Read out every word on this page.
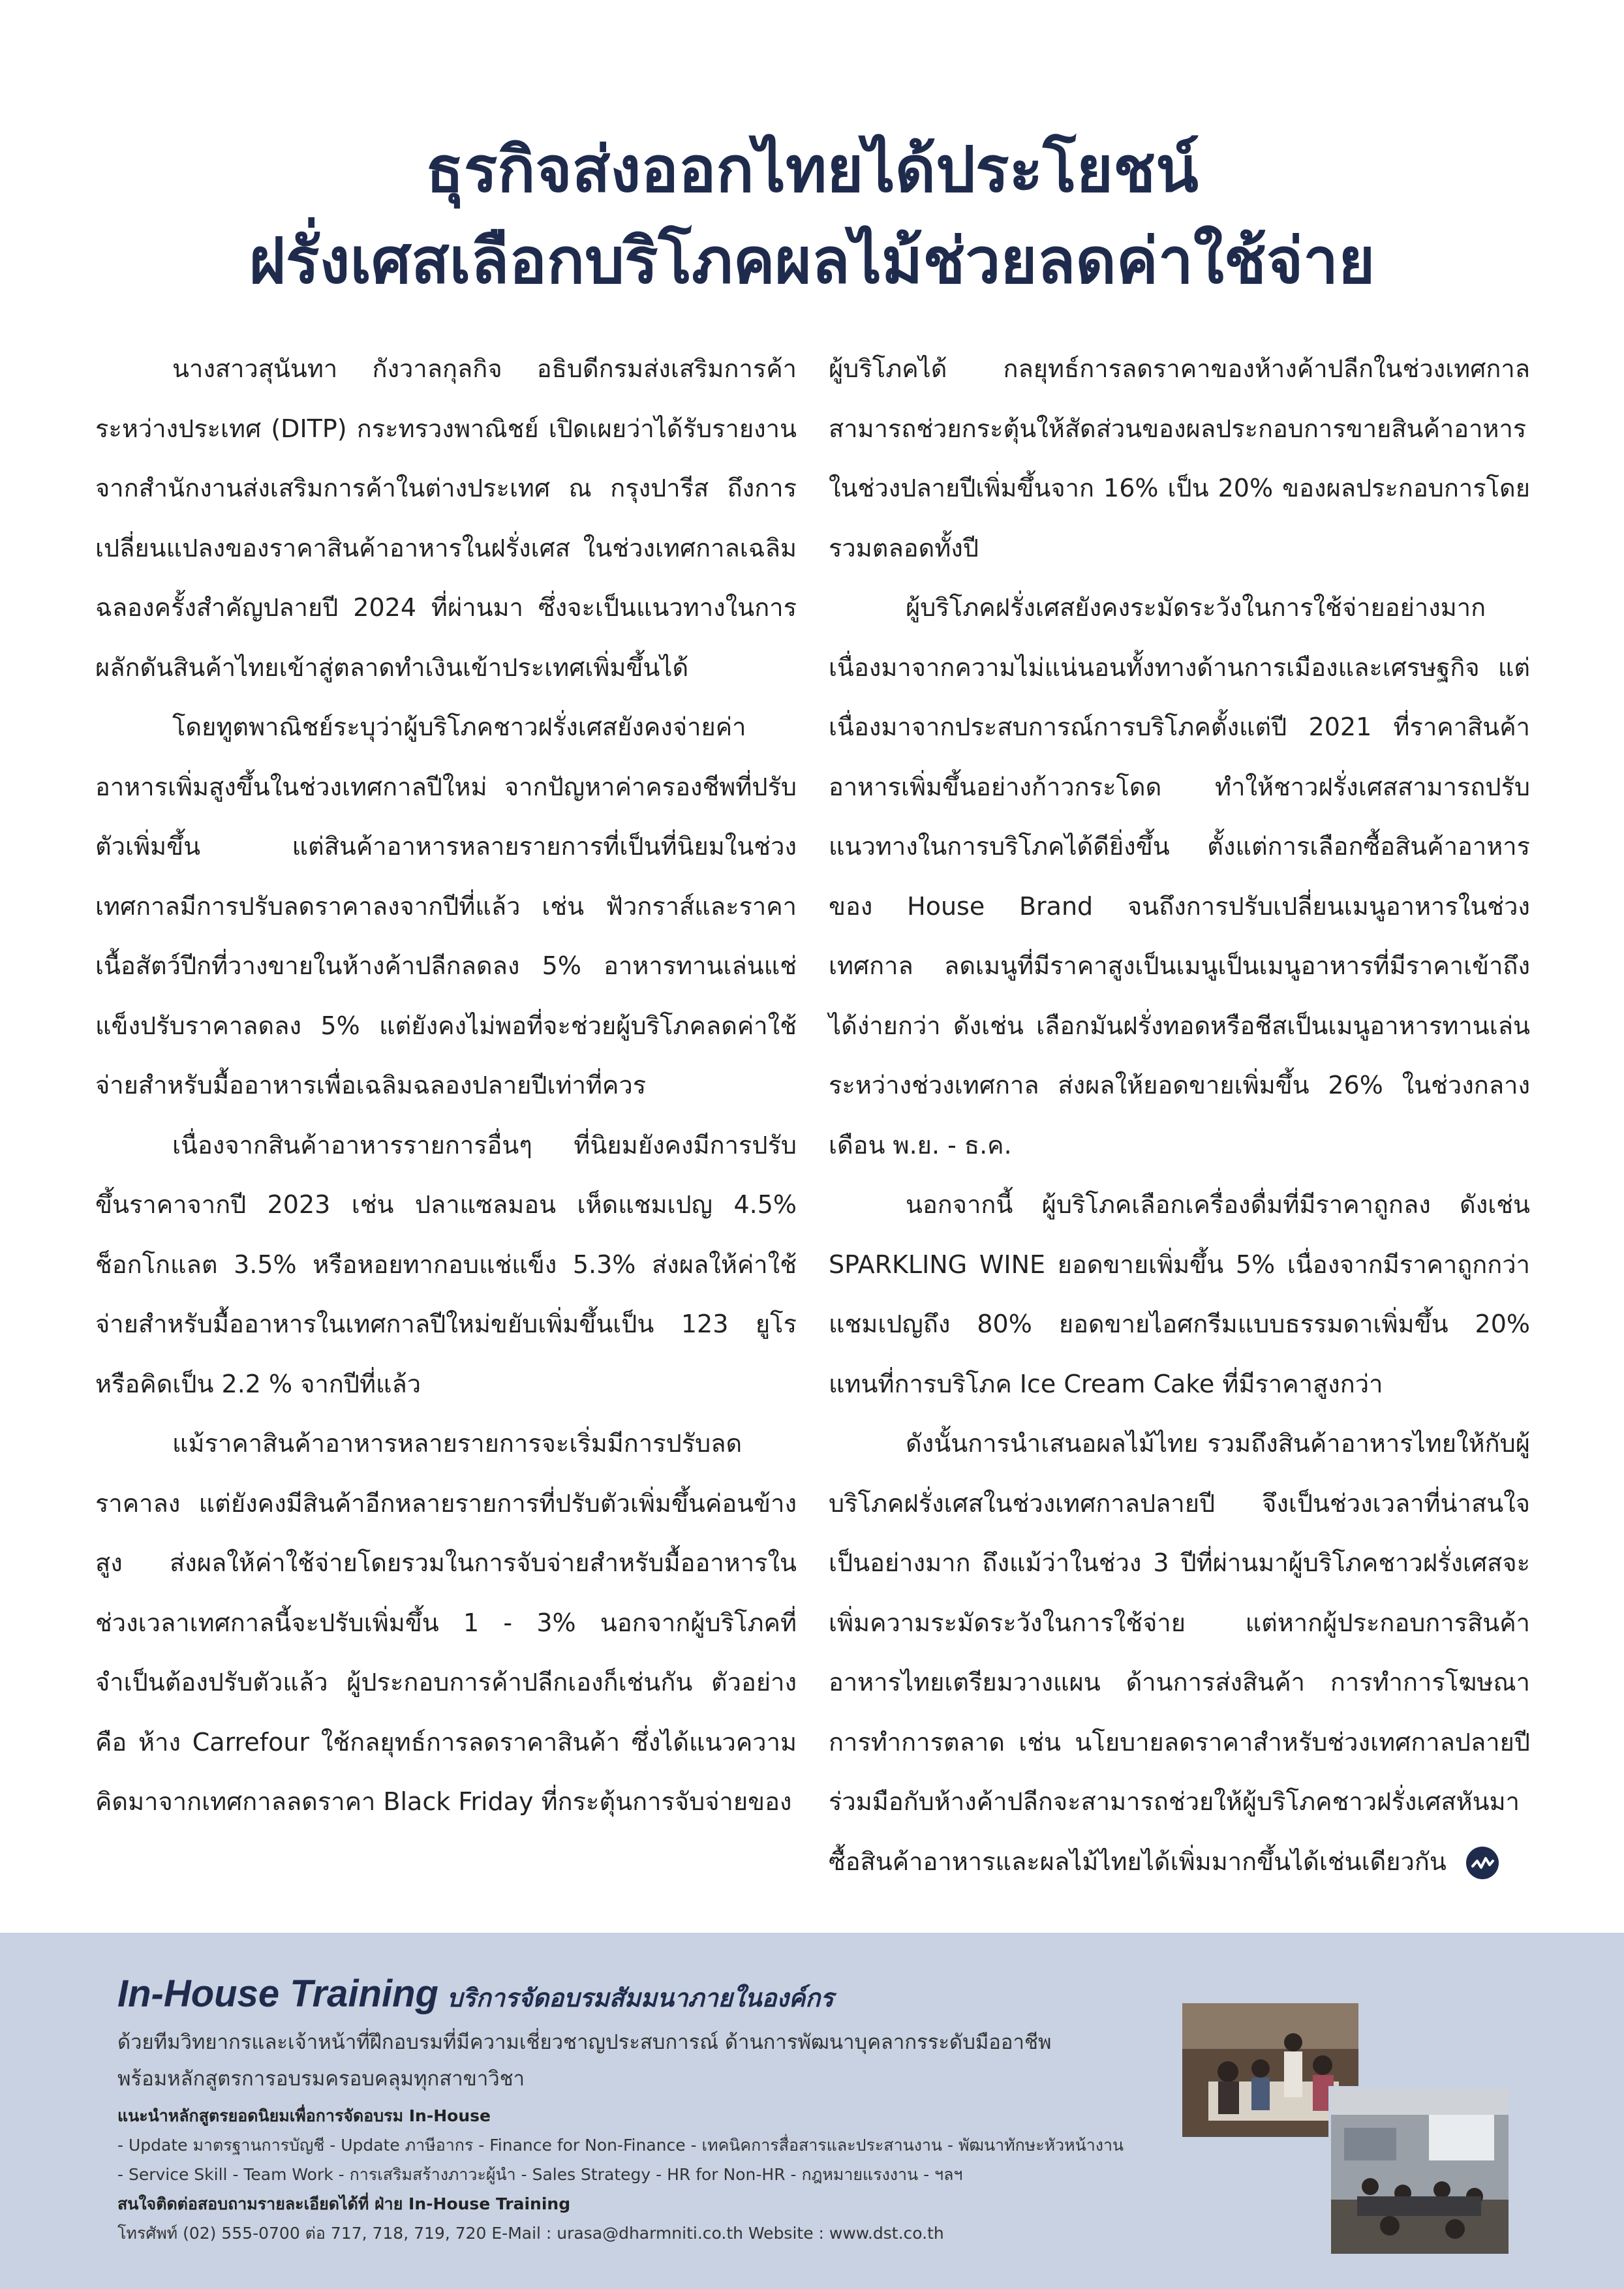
ธุรกิจส่งออกไทยได้ประโยชน์
ฝรั่งเศสเลือกบริโภคผลไม้ช่วยลดค่าใช้จ่าย

นางสาวสุนันทา กังวาลกุลกิจ อธิบดีกรมส่งเสริมการค้าระหว่างประเทศ (DITP) กระทรวงพาณิชย์ เปิดเผยว่าได้รับรายงานจากสำนักงานส่งเสริมการค้าในต่างประเทศ ณ กรุงปารีส ถึงการเปลี่ยนแปลงของราคาสินค้าอาหารในฝรั่งเศส ในช่วงเทศกาลเฉลิมฉลองครั้งสำคัญปลายปี 2024 ที่ผ่านมา ซึ่งจะเป็นแนวทางในการผลักดันสินค้าไทยเข้าสู่ตลาดทำเงินเข้าประเทศเพิ่มขึ้นได้

โดยทูตพาณิชย์ระบุว่าผู้บริโภคชาวฝรั่งเศสยังคงจ่ายค่าอาหารเพิ่มสูงขึ้นในช่วงเทศกาลปีใหม่ จากปัญหาค่าครองชีพที่ปรับตัวเพิ่มขึ้น แต่สินค้าอาหารหลายรายการที่เป็นที่นิยมในช่วงเทศกาลมีการปรับลดราคาลงจากปีที่แล้ว เช่น ฟัวกราส์และราคาเนื้อสัตว์ปีกที่วางขายในห้างค้าปลีกลดลง 5% อาหารทานเล่นแช่แข็งปรับราคาลดลง 5% แต่ยังคงไม่พอที่จะช่วยผู้บริโภคลดค่าใช้จ่ายสำหรับมื้ออาหารเพื่อเฉลิมฉลองปลายปีเท่าที่ควร

เนื่องจากสินค้าอาหารรายการอื่นๆ ที่นิยมยังคงมีการปรับขึ้นราคาจากปี 2023 เช่น ปลาแซลมอน เห็ดแชมเปญ 4.5% ช็อกโกแลต 3.5% หรือหอยทากอบแช่แข็ง 5.3% ส่งผลให้ค่าใช้จ่ายสำหรับมื้ออาหารในเทศกาลปีใหม่ขยับเพิ่มขึ้นเป็น 123 ยูโร หรือคิดเป็น 2.2 % จากปีที่แล้ว

แม้ราคาสินค้าอาหารหลายรายการจะเริ่มมีการปรับลดราคาลง แต่ยังคงมีสินค้าอีกหลายรายการที่ปรับตัวเพิ่มขึ้นค่อนข้างสูง ส่งผลให้ค่าใช้จ่ายโดยรวมในการจับจ่ายสำหรับมื้ออาหารในช่วงเวลาเทศกาลนี้จะปรับเพิ่มขึ้น 1 - 3% นอกจากผู้บริโภคที่จำเป็นต้องปรับตัวแล้ว ผู้ประกอบการค้าปลีกเองก็เช่นกัน ตัวอย่างคือ ห้าง Carrefour ใช้กลยุทธ์การลดราคาสินค้า ซึ่งได้แนวความคิดมาจากเทศกาลลดราคา Black Friday ที่กระตุ้นการจับจ่ายของ

ผู้บริโภคได้ กลยุทธ์การลดราคาของห้างค้าปลีกในช่วงเทศกาลสามารถช่วยกระตุ้นให้สัดส่วนของผลประกอบการขายสินค้าอาหารในช่วงปลายปีเพิ่มขึ้นจาก 16% เป็น 20% ของผลประกอบการโดยรวมตลอดทั้งปี

ผู้บริโภคฝรั่งเศสยังคงระมัดระวังในการใช้จ่ายอย่างมาก เนื่องมาจากความไม่แน่นอนทั้งทางด้านการเมืองและเศรษฐกิจ แต่เนื่องมาจากประสบการณ์การบริโภคตั้งแต่ปี 2021 ที่ราคาสินค้าอาหารเพิ่มขึ้นอย่างก้าวกระโดด ทำให้ชาวฝรั่งเศสสามารถปรับแนวทางในการบริโภคได้ดียิ่งขึ้น ตั้งแต่การเลือกซื้อสินค้าอาหารของ House Brand จนถึงการปรับเปลี่ยนเมนูอาหารในช่วงเทศกาล ลดเมนูที่มีราคาสูงเป็นเมนูเป็นเมนูอาหารที่มีราคาเข้าถึงได้ง่ายกว่า ดังเช่น เลือกมันฝรั่งทอดหรือชีสเป็นเมนูอาหารทานเล่นระหว่างช่วงเทศกาล ส่งผลให้ยอดขายเพิ่มขึ้น 26% ในช่วงกลางเดือน พ.ย. - ธ.ค.

นอกจากนี้ ผู้บริโภคเลือกเครื่องดื่มที่มีราคาถูกลง ดังเช่น SPARKLING WINE ยอดขายเพิ่มขึ้น 5% เนื่องจากมีราคาถูกกว่าแชมเปญถึง 80% ยอดขายไอศกรีมแบบธรรมดาเพิ่มขึ้น 20% แทนที่การบริโภค Ice Cream Cake ที่มีราคาสูงกว่า

ดังนั้นการนำเสนอผลไม้ไทย รวมถึงสินค้าอาหารไทยให้กับผู้บริโภคฝรั่งเศสในช่วงเทศกาลปลายปี จึงเป็นช่วงเวลาที่น่าสนใจเป็นอย่างมาก ถึงแม้ว่าในช่วง 3 ปีที่ผ่านมาผู้บริโภคชาวฝรั่งเศสจะเพิ่มความระมัดระวังในการใช้จ่าย แต่หากผู้ประกอบการสินค้าอาหารไทยเตรียมวางแผน ด้านการส่งสินค้า การทำการโฆษณา การทำการตลาด เช่น นโยบายลดราคาสำหรับช่วงเทศกาลปลายปีร่วมมือกับห้างค้าปลีกจะสามารถช่วยให้ผู้บริโภคชาวฝรั่งเศสหันมาซื้อสินค้าอาหารและผลไม้ไทยได้เพิ่มมากขึ้นได้เช่นเดียวกัน

In-House Training บริการจัดอบรมสัมมนาภายในองค์กร
ด้วยทีมวิทยากรและเจ้าหน้าที่ฝึกอบรมที่มีความเชี่ยวชาญประสบการณ์ ด้านการพัฒนาบุคลากรระดับมืออาชีพ
พร้อมหลักสูตรการอบรมครอบคลุมทุกสาขาวิชา
แนะนำหลักสูตรยอดนิยมเพื่อการจัดอบรม In-House
- Update มาตรฐานการบัญชี - Update ภาษีอากร - Finance for Non-Finance - เทคนิคการสื่อสารและประสานงาน - พัฒนาทักษะหัวหน้างาน
- Service Skill - Team Work - การเสริมสร้างภาวะผู้นำ - Sales Strategy - HR for Non-HR - กฎหมายแรงงาน - ฯลฯ
สนใจติดต่อสอบถามรายละเอียดได้ที่ ฝ่าย In-House Training
โทรศัพท์ (02) 555-0700 ต่อ 717, 718, 719, 720 E-Mail : urasa@dharmniti.co.th Website : www.dst.co.th
